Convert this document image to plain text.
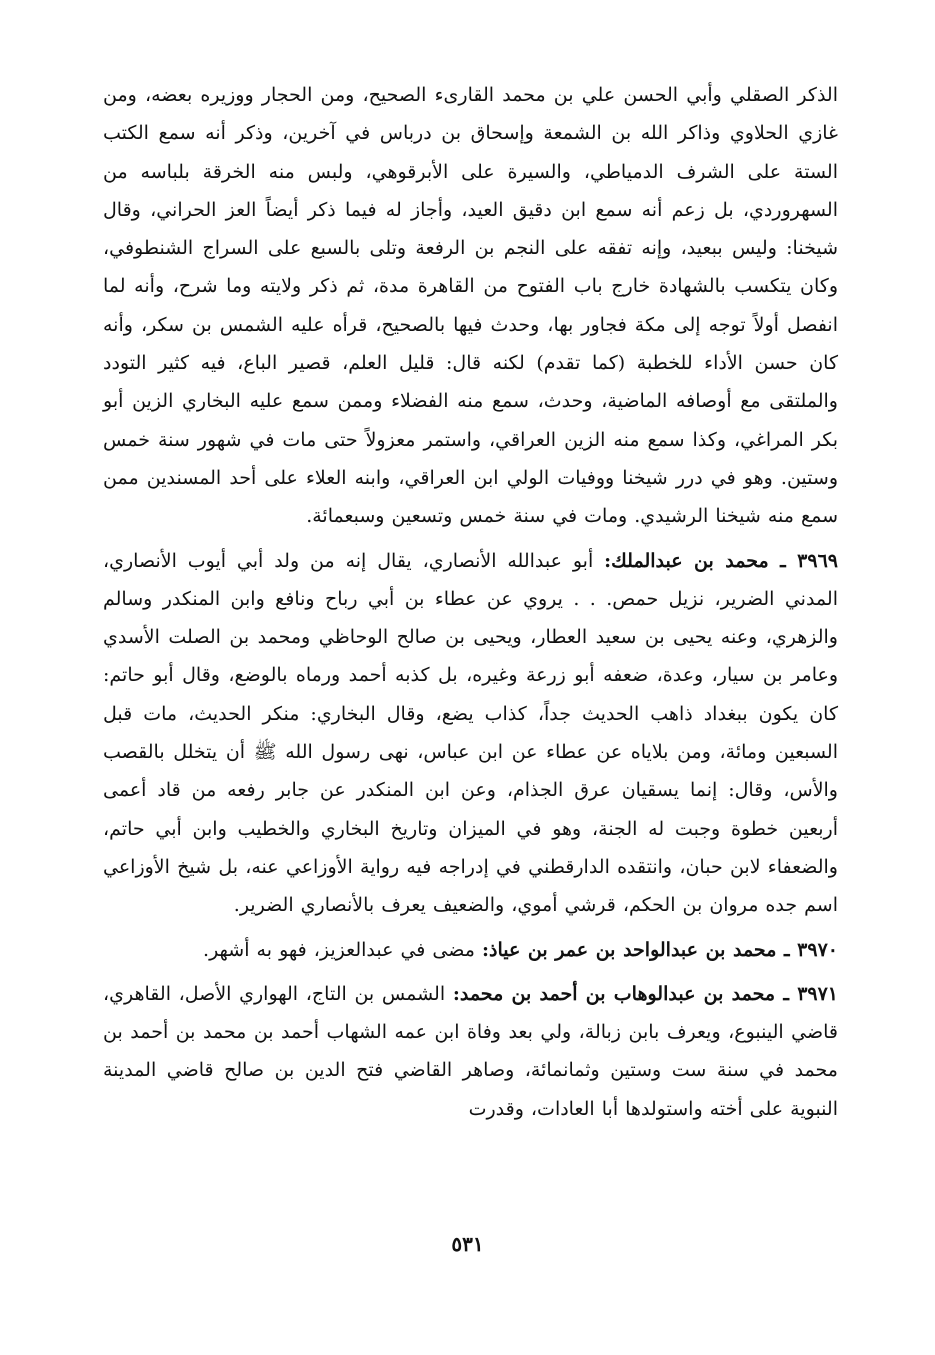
الذكر الصقلي وأبي الحسن علي بن محمد القارىء الصحيح، ومن الحجار ووزيره بعضه، ومن غازي الحلاوي وذاكر الله بن الشمعة وإسحاق بن درباس في آخرين، وذكر أنه سمع الكتب الستة على الشرف الدمياطي، والسيرة على الأبرقوهي، ولبس منه الخرقة بلباسه من السهروردي، بل زعم أنه سمع ابن دقيق العيد، وأجاز له فيما ذكر أيضاً العز الحراني، وقال شيخنا: وليس ببعيد، وإنه تفقه على النجم بن الرفعة وتلى بالسبع على السراج الشنطوفي، وكان يتكسب بالشهادة خارج باب الفتوح من القاهرة مدة، ثم ذكر ولايته وما شرح، وأنه لما انفصل أولاً توجه إلى مكة فجاور بها، وحدث فيها بالصحيح، قرأه عليه الشمس بن سكر، وأنه كان حسن الأداء للخطبة (كما تقدم) لكنه قال: قليل العلم، قصير الباع، فيه كثير التودد والملتقى مع أوصافه الماضية، وحدث، سمع منه الفضلاء وممن سمع عليه البخاري الزين أبو بكر المراغي، وكذا سمع منه الزين العراقي، واستمر معزولاً حتى مات في شهور سنة خمس وستين. وهو في درر شيخنا ووفيات الولي ابن العراقي، وابنه العلاء على أحد المسندين ممن سمع منه شيخنا الرشيدي. ومات في سنة خمس وتسعين وسبعمائة.

٣٩٦٩ ـ محمد بن عبدالملك: أبو عبدالله الأنصاري، يقال إنه من ولد أبي أيوب الأنصاري، المدني الضرير، نزيل حمص. . . يروي عن عطاء بن أبي رباح ونافع وابن المنكدر وسالم والزهري، وعنه يحيى بن سعيد العطار، ويحيى بن صالح الوحاظي ومحمد بن الصلت الأسدي وعامر بن سيار، وعدة، ضعفه أبو زرعة وغيره، بل كذبه أحمد ورماه بالوضع، وقال أبو حاتم: كان يكون ببغداد ذاهب الحديث جداً، كذاب يضع، وقال البخاري: منكر الحديث، مات قبل السبعين ومائة، ومن بلاياه عن عطاء عن ابن عباس، نهى رسول الله ﷺ أن يتخلل بالقصب والأس، وقال: إنما يسقيان عرق الجذام، وعن ابن المنكدر عن جابر رفعه من قاد أعمى أربعين خطوة وجبت له الجنة، وهو في الميزان وتاريخ البخاري والخطيب وابن أبي حاتم، والضعفاء لابن حبان، وانتقده الدارقطني في إدراجه فيه رواية الأوزاعي عنه، بل شيخ الأوزاعي اسم جده مروان بن الحكم، قرشي أموي، والضعيف يعرف بالأنصاري الضرير.

٣٩٧٠ ـ محمد بن عبدالواحد بن عمر بن عياذ: مضى في عبدالعزيز، فهو به أشهر.

٣٩٧١ ـ محمد بن عبدالوهاب بن أحمد بن محمد: الشمس بن التاج، الهواري الأصل، القاهري، قاضي الينبوع، ويعرف بابن زبالة، ولي بعد وفاة ابن عمه الشهاب أحمد بن محمد بن أحمد بن محمد في سنة ست وستين وثمانمائة، وصاهر القاضي فتح الدين بن صالح قاضي المدينة النبوية على أخته واستولدها أبا العادات، وقدرت

٥٣١
